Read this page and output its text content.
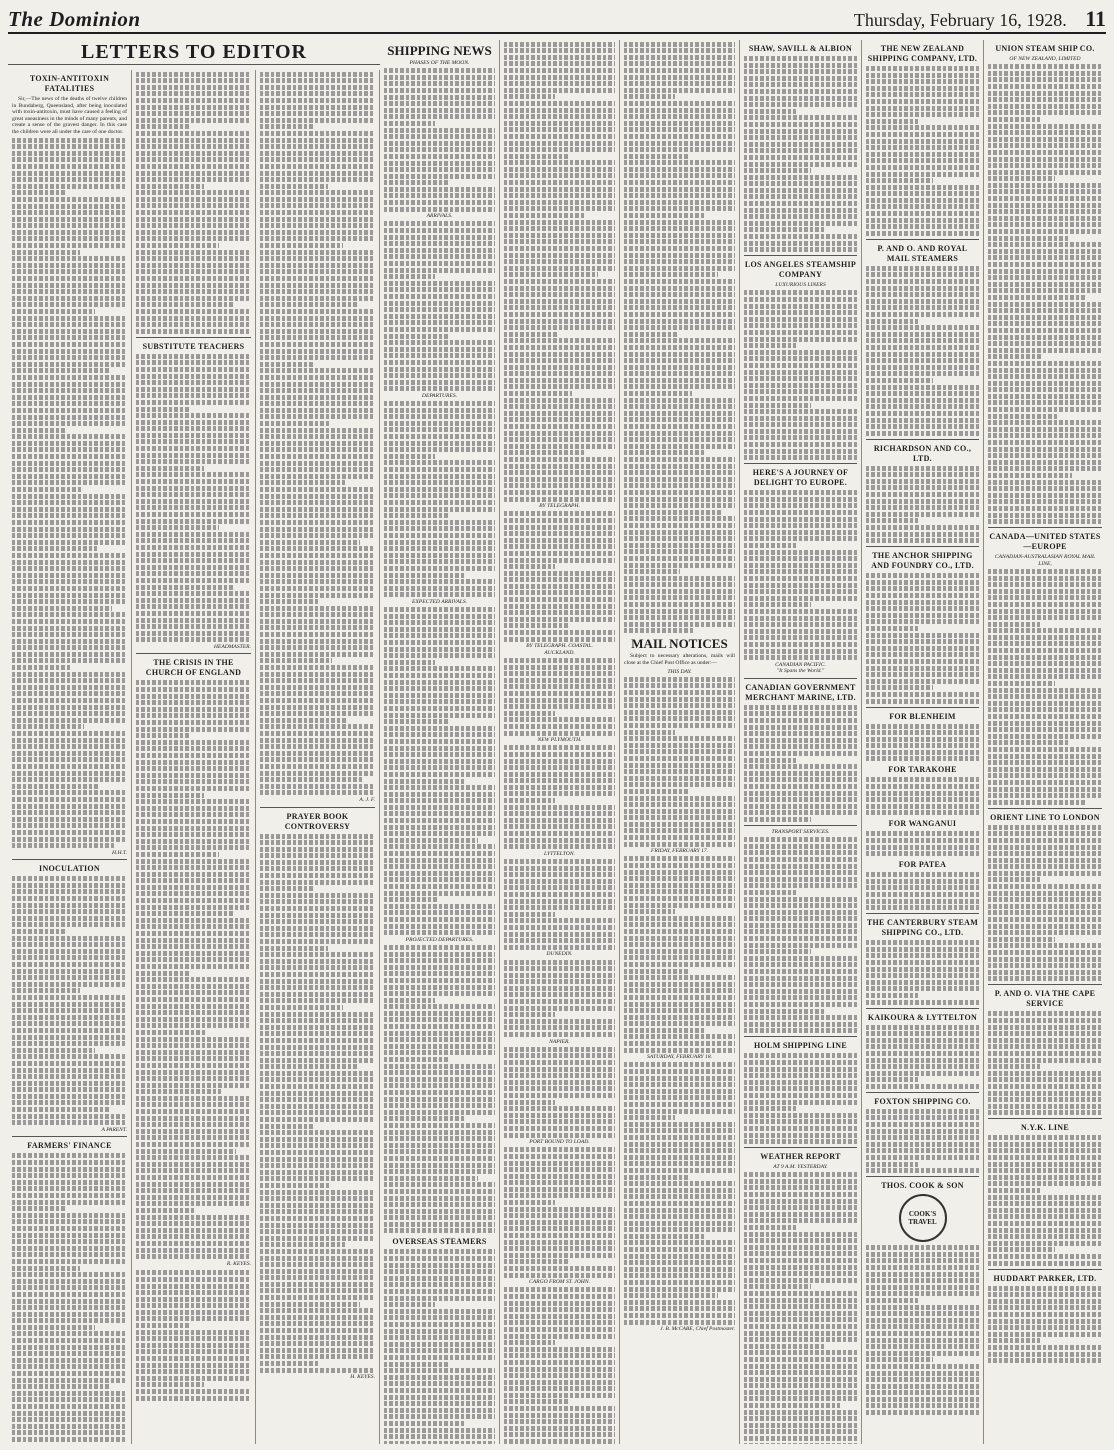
The Dominion	Thursday, February 16, 1928. 11
LETTERS TO EDITOR
TOXIN-ANTITOXIN FATALITIES

Sir,—The news of the deaths of twelve children in Bundaberg, Queensland, after being inoculated with toxin-antitoxin, must have caused a feeling of great uneasiness in the minds of many parents, and create a sense of the gravest danger. In this case the children were all under the care of one doctor.

H.H.T.
INOCULATION
A PARENT.
FARMERS' FINANCE
SUBSTITUTE TEACHERS
HEADMASTER.
THE CRISIS IN THE CHURCH OF ENGLAND
R. KEYES.
A. J. F.
PRAYER BOOK CONTROVERSY
H. KEYES.
SHIPPING NEWS
PHASES OF THE MOON.
ARRIVALS.
DEPARTURES.
EXPECTED ARRIVALS.
PROJECTED DEPARTURES.
OVERSEAS STEAMERS
BY TELEGRAPH.
BY TELEGRAPH. COASTAL.
AUCKLAND.
NEW PLYMOUTH.
LYTTELTON.
DUNEDIN.
NAPIER.
PORT BOUND TO LOAD.
CARGO FROM ST. JOHN.
MAIL NOTICES

Subject to necessary alterations, mails will close at the Chief Post Office as under:—

THIS DAY.
FRIDAY, FEBRUARY 17.
SATURDAY, FEBRUARY 18.
J. B. McCABE, Chief Postmaster.
SHAW, SAVILL & ALBION
LOS ANGELES STEAMSHIP COMPANY
LUXURIOUS LINERS
HERE'S A JOURNEY OF DELIGHT TO EUROPE.
CANADIAN PACIFIC.
"It Spans the World."
CANADIAN GOVERNMENT MERCHANT MARINE, LTD.
TRANSPORT SERVICES.
HOLM SHIPPING LINE
WEATHER REPORT
AT 9 A.M. YESTERDAY.
THE NEW ZEALAND SHIPPING COMPANY, LTD.
P. AND O. AND ROYAL MAIL STEAMERS
RICHARDSON AND CO., LTD.
THE ANCHOR SHIPPING AND FOUNDRY CO., LTD.
FOR BLENHEIM
FOR TARAKOHE
FOR WANGANUI
FOR PATEA
THE CANTERBURY STEAM SHIPPING CO., LTD.
KAIKOURA & LYTTELTON
FOXTON SHIPPING CO.
THOS. COOK & SON
COOK'S TRAVEL
UNION STEAM SHIP CO.
OF NEW ZEALAND, LIMITED
CANADA—UNITED STATES —EUROPE
CANADIAN-AUSTRALASIAN ROYAL MAIL LINE,
ORIENT LINE TO LONDON
P. AND O. VIA THE CAPE SERVICE
N.Y.K. LINE
HUDDART PARKER, LTD.
